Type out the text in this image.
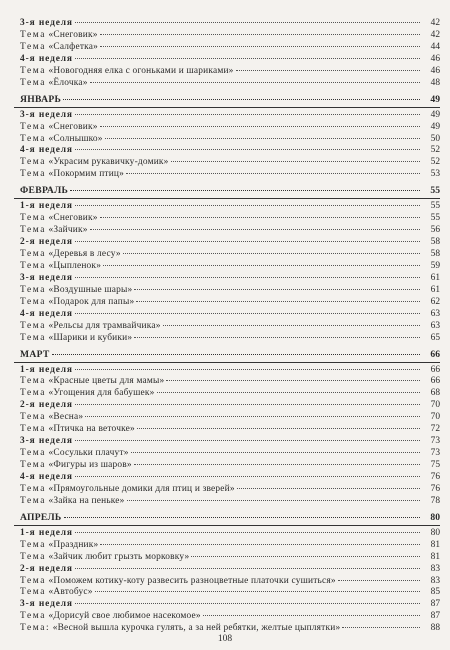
3-я неделя	42
Тема «Снеговик»	42
Тема «Салфетка»	44
4-я неделя	46
Тема «Новогодняя елка с огоньками и шариками»	46
Тема «Ёлочка»	48
ЯНВАРЬ	49
3-я неделя	49
Тема «Снеговик»	49
Тема «Солнышко»	50
4-я неделя	52
Тема «Украсим рукавичку-домик»	52
Тема «Покормим птиц»	53
ФЕВРАЛЬ	55
1-я неделя	55
Тема «Снеговик»	55
Тема «Зайчик»	56
2-я неделя	58
Тема «Деревья в лесу»	58
Тема «Цыпленок»	59
3-я неделя	61
Тема «Воздушные шары»	61
Тема «Подарок для папы»	62
4-я неделя	63
Тема «Рельсы для трамвайчика»	63
Тема «Шарики и кубики»	65
МАРТ	66
1-я неделя	66
Тема «Красные цветы для мамы»	66
Тема «Угощения для бабушек»	68
2-я неделя	70
Тема «Весна»	70
Тема «Птичка на веточке»	72
3-я неделя	73
Тема «Сосульки плачут»	73
Тема «Фигуры из шаров»	75
4-я неделя	76
Тема «Прямоугольные домики для птиц и зверей»	76
Тема «Зайка на пеньке»	78
АПРЕЛЬ	80
1-я неделя	80
Тема «Праздник»	81
Тема «Зайчик любит грызть морковку»	81
2-я неделя	83
Тема «Поможем котику-коту развесить разноцветные платочки сушиться»	83
Тема «Автобус»	85
3-я неделя	87
Тема «Дорисуй свое любимое насекомое»	87
Тема: «Весной вышла курочка гулять, а за ней ребятки, желтые цыплятки»	88
108
